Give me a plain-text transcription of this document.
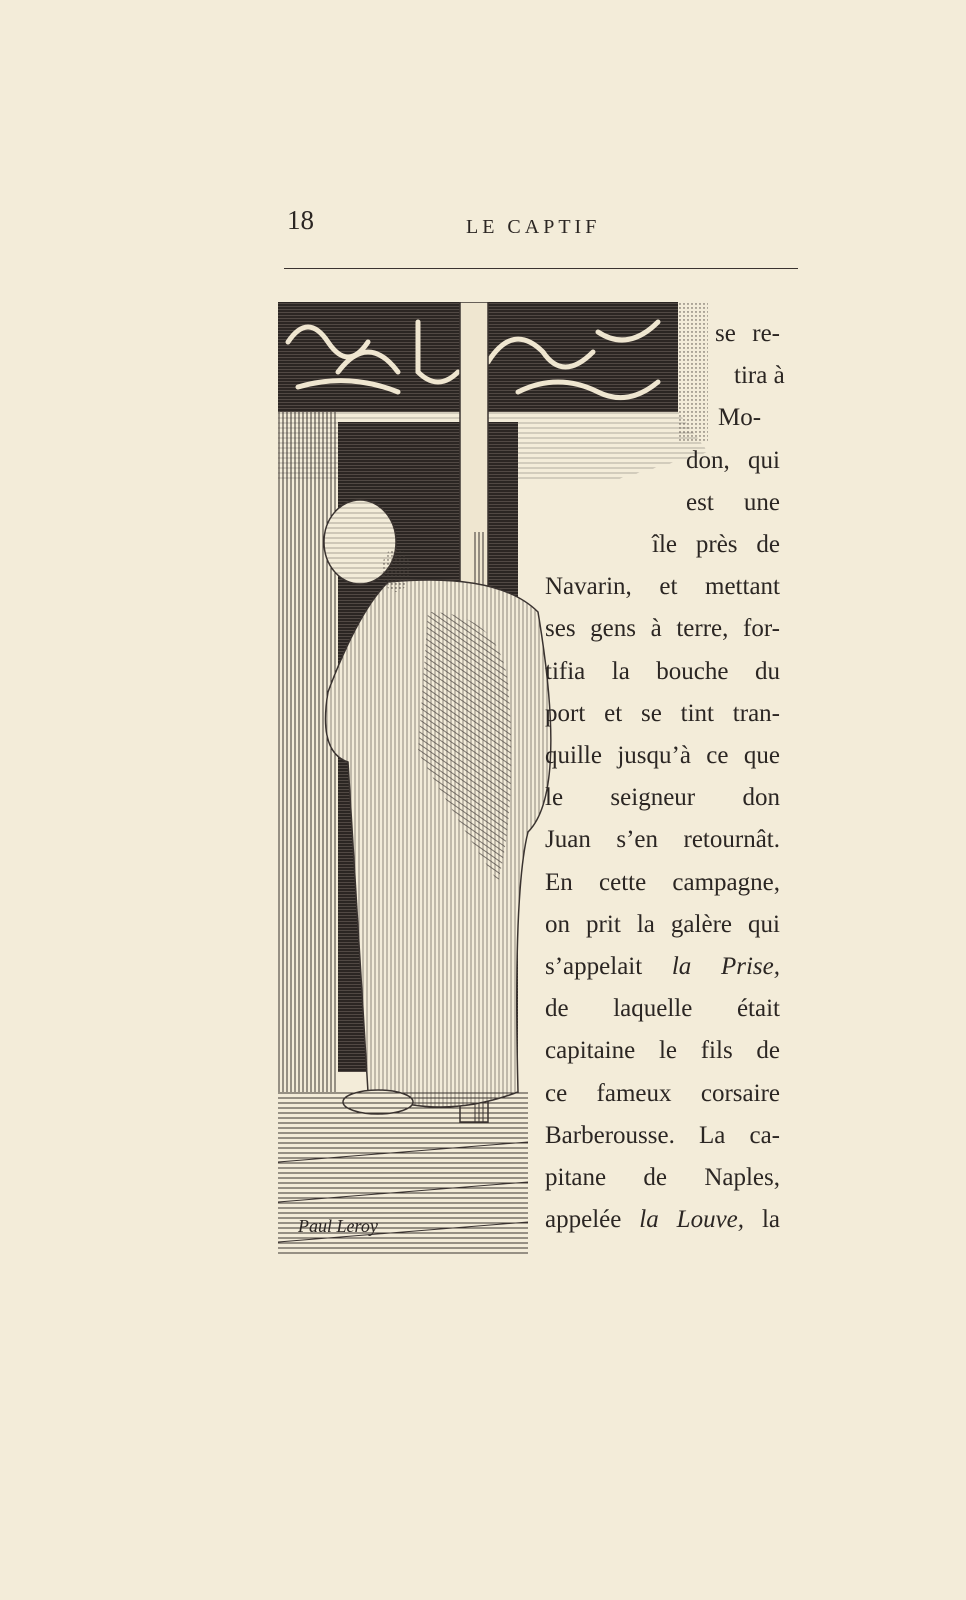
18	LE CAPTIF
Paul Leroy
se re-
tira à
Mo-
don, qui
est une
île près de
Navarin, et mettant
ses gens à terre, for-
tifia la bouche du
port et se tint tran-
quille jusqu’à ce que
le seigneur don
Juan s’en retournât.
En cette campagne,
on prit la galère qui
s’appelait la Prise,
de laquelle était
capitaine le fils de
ce fameux corsaire
Barberousse. La ca-
pitane de Naples,
appelée la Louve, la
